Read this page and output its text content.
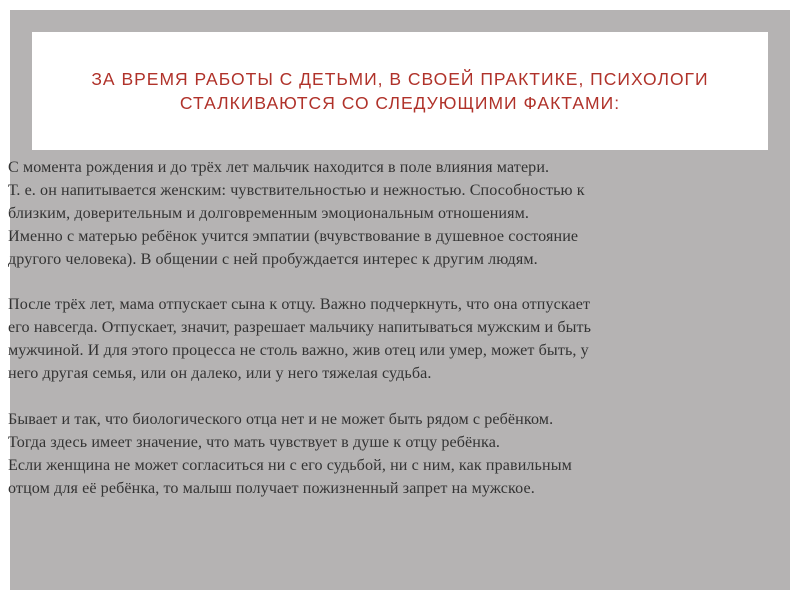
ЗА ВРЕМЯ РАБОТЫ С ДЕТЬМИ, В СВОЕЙ ПРАКТИКЕ, ПСИХОЛОГИ
СТАЛКИВАЮТСЯ СО СЛЕДУЮЩИМИ ФАКТАМИ:

С момента рождения и до трёх лет мальчик находится в поле влияния матери.
Т. е. он напитывается женским: чувствительностью и нежностью. Способностью к
близким, доверительным и долговременным эмоциональным отношениям.
Именно с матерью ребёнок учится эмпатии (вчувствование в душевное состояние
другого человека). В общении с ней пробуждается интерес к другим людям.

После трёх лет, мама отпускает сына к отцу. Важно подчеркнуть, что она отпускает
его навсегда. Отпускает, значит, разрешает мальчику напитываться мужским и быть
мужчиной. И для этого процесса не столь важно, жив отец или умер, может быть, у
него другая семья, или он далеко, или у него тяжелая судьба.

Бывает и так, что биологического отца нет и не может быть рядом с ребёнком.
Тогда здесь имеет значение, что мать чувствует в душе к отцу ребёнка.
Если женщина не может согласиться ни с его судьбой, ни с ним, как правильным
отцом для её ребёнка, то малыш получает пожизненный запрет на мужское.
